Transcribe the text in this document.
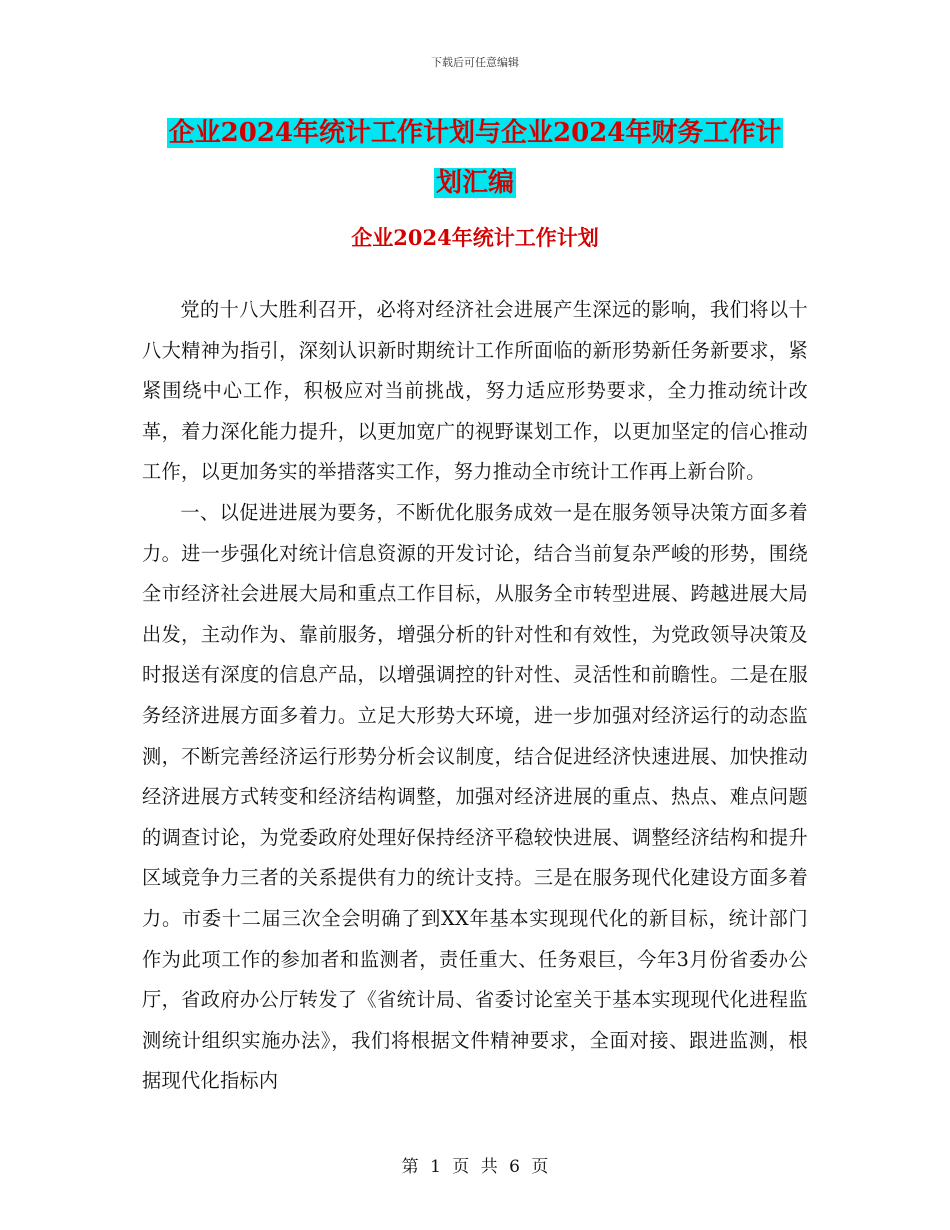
下载后可任意编辑
企业2024年统计工作计划与企业2024年财务工作计
划汇编
企业2024年统计工作计划

党的十八大胜利召开，必将对经济社会进展产生深远的影响，我们将以十八大精神为指引，深刻认识新时期统计工作所面临的新形势新任务新要求，紧紧围绕中心工作，积极应对当前挑战，努力适应形势要求，全力推动统计改革，着力深化能力提升，以更加宽广的视野谋划工作，以更加坚定的信心推动工作，以更加务实的举措落实工作，努力推动全市统计工作再上新台阶。

一、以促进进展为要务，不断优化服务成效一是在服务领导决策方面多着力。进一步强化对统计信息资源的开发讨论，结合当前复杂严峻的形势，围绕全市经济社会进展大局和重点工作目标，从服务全市转型进展、跨越进展大局出发，主动作为、靠前服务，增强分析的针对性和有效性，为党政领导决策及时报送有深度的信息产品，以增强调控的针对性、灵活性和前瞻性。二是在服务经济进展方面多着力。立足大形势大环境，进一步加强对经济运行的动态监测，不断完善经济运行形势分析会议制度，结合促进经济快速进展、加快推动经济进展方式转变和经济结构调整，加强对经济进展的重点、热点、难点问题的调查讨论，为党委政府处理好保持经济平稳较快进展、调整经济结构和提升区域竞争力三者的关系提供有力的统计支持。三是在服务现代化建设方面多着力。市委十二届三次全会明确了到XX年基本实现现代化的新目标，统计部门作为此项工作的参加者和监测者，责任重大、任务艰巨，今年3月份省委办公厅，省政府办公厅转发了《省统计局、省委讨论室关于基本实现现代化进程监测统计组织实施办法》，我们将根据文件精神要求，全面对接、跟进监测，根据现代化指标内

第 1 页 共 6 页
